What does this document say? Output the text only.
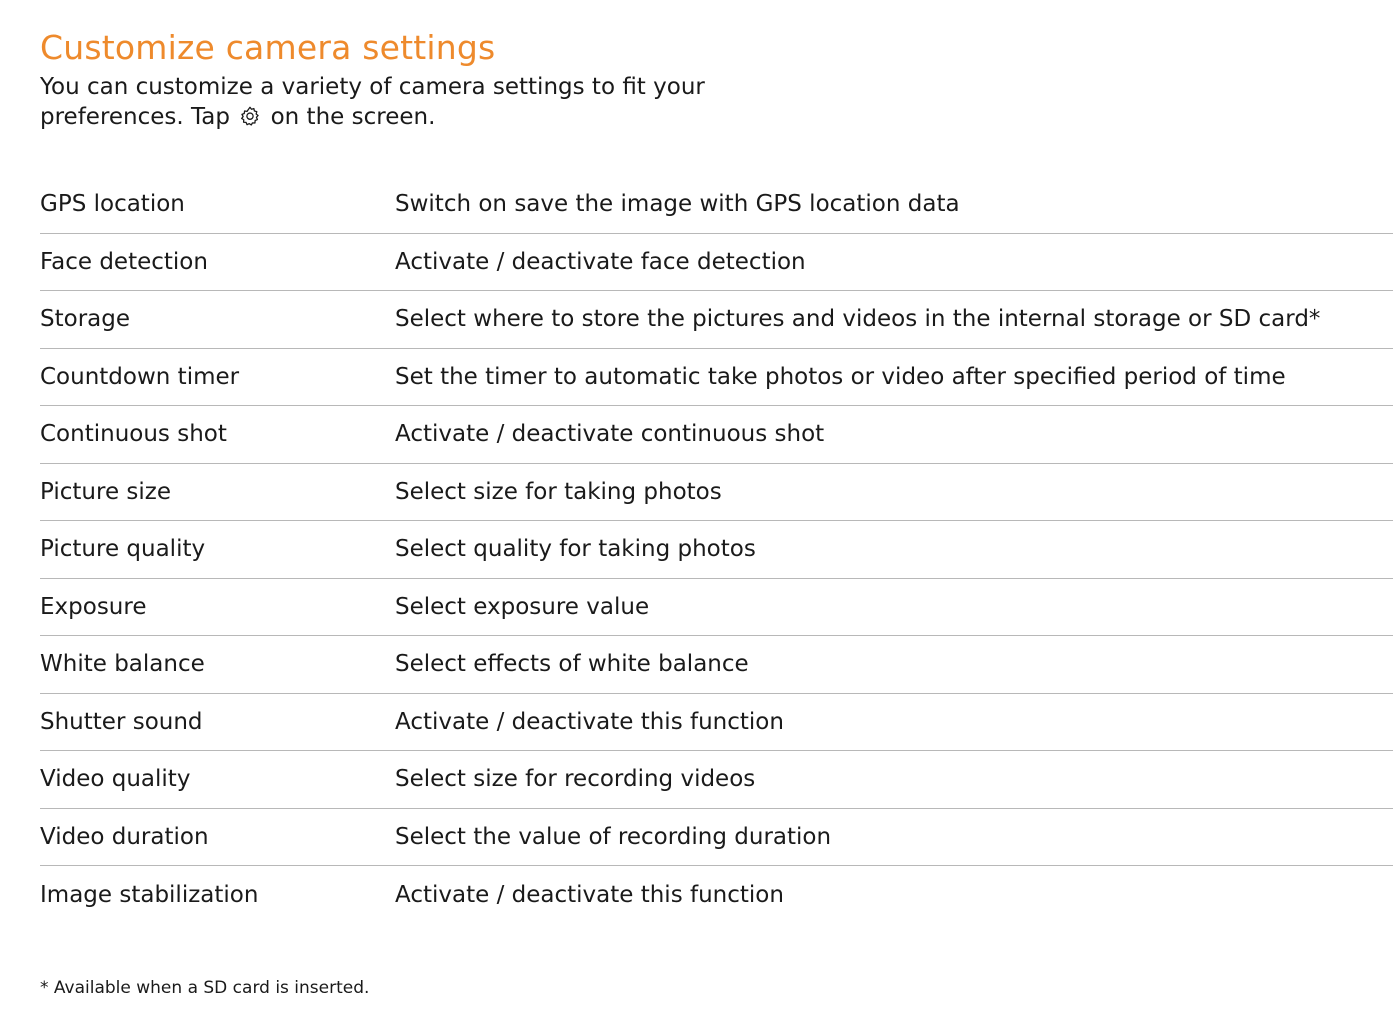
Customize camera settings

You can customize a variety of camera settings to fit your
preferences. Tap on the screen.

GPS location	Switch on save the image with GPS location data
Face detection	Activate / deactivate face detection
Storage	Select where to store the pictures and videos in the internal storage or SD card*
Countdown timer	Set the timer to automatic take photos or video after specified period of time
Continuous shot	Activate / deactivate continuous shot
Picture size	Select size for taking photos
Picture quality	Select quality for taking photos
Exposure	Select exposure value
White balance	Select effects of white balance
Shutter sound	Activate / deactivate this function
Video quality	Select size for recording videos
Video duration	Select the value of recording duration
Image stabilization	Activate / deactivate this function
* Available when a SD card is inserted.
